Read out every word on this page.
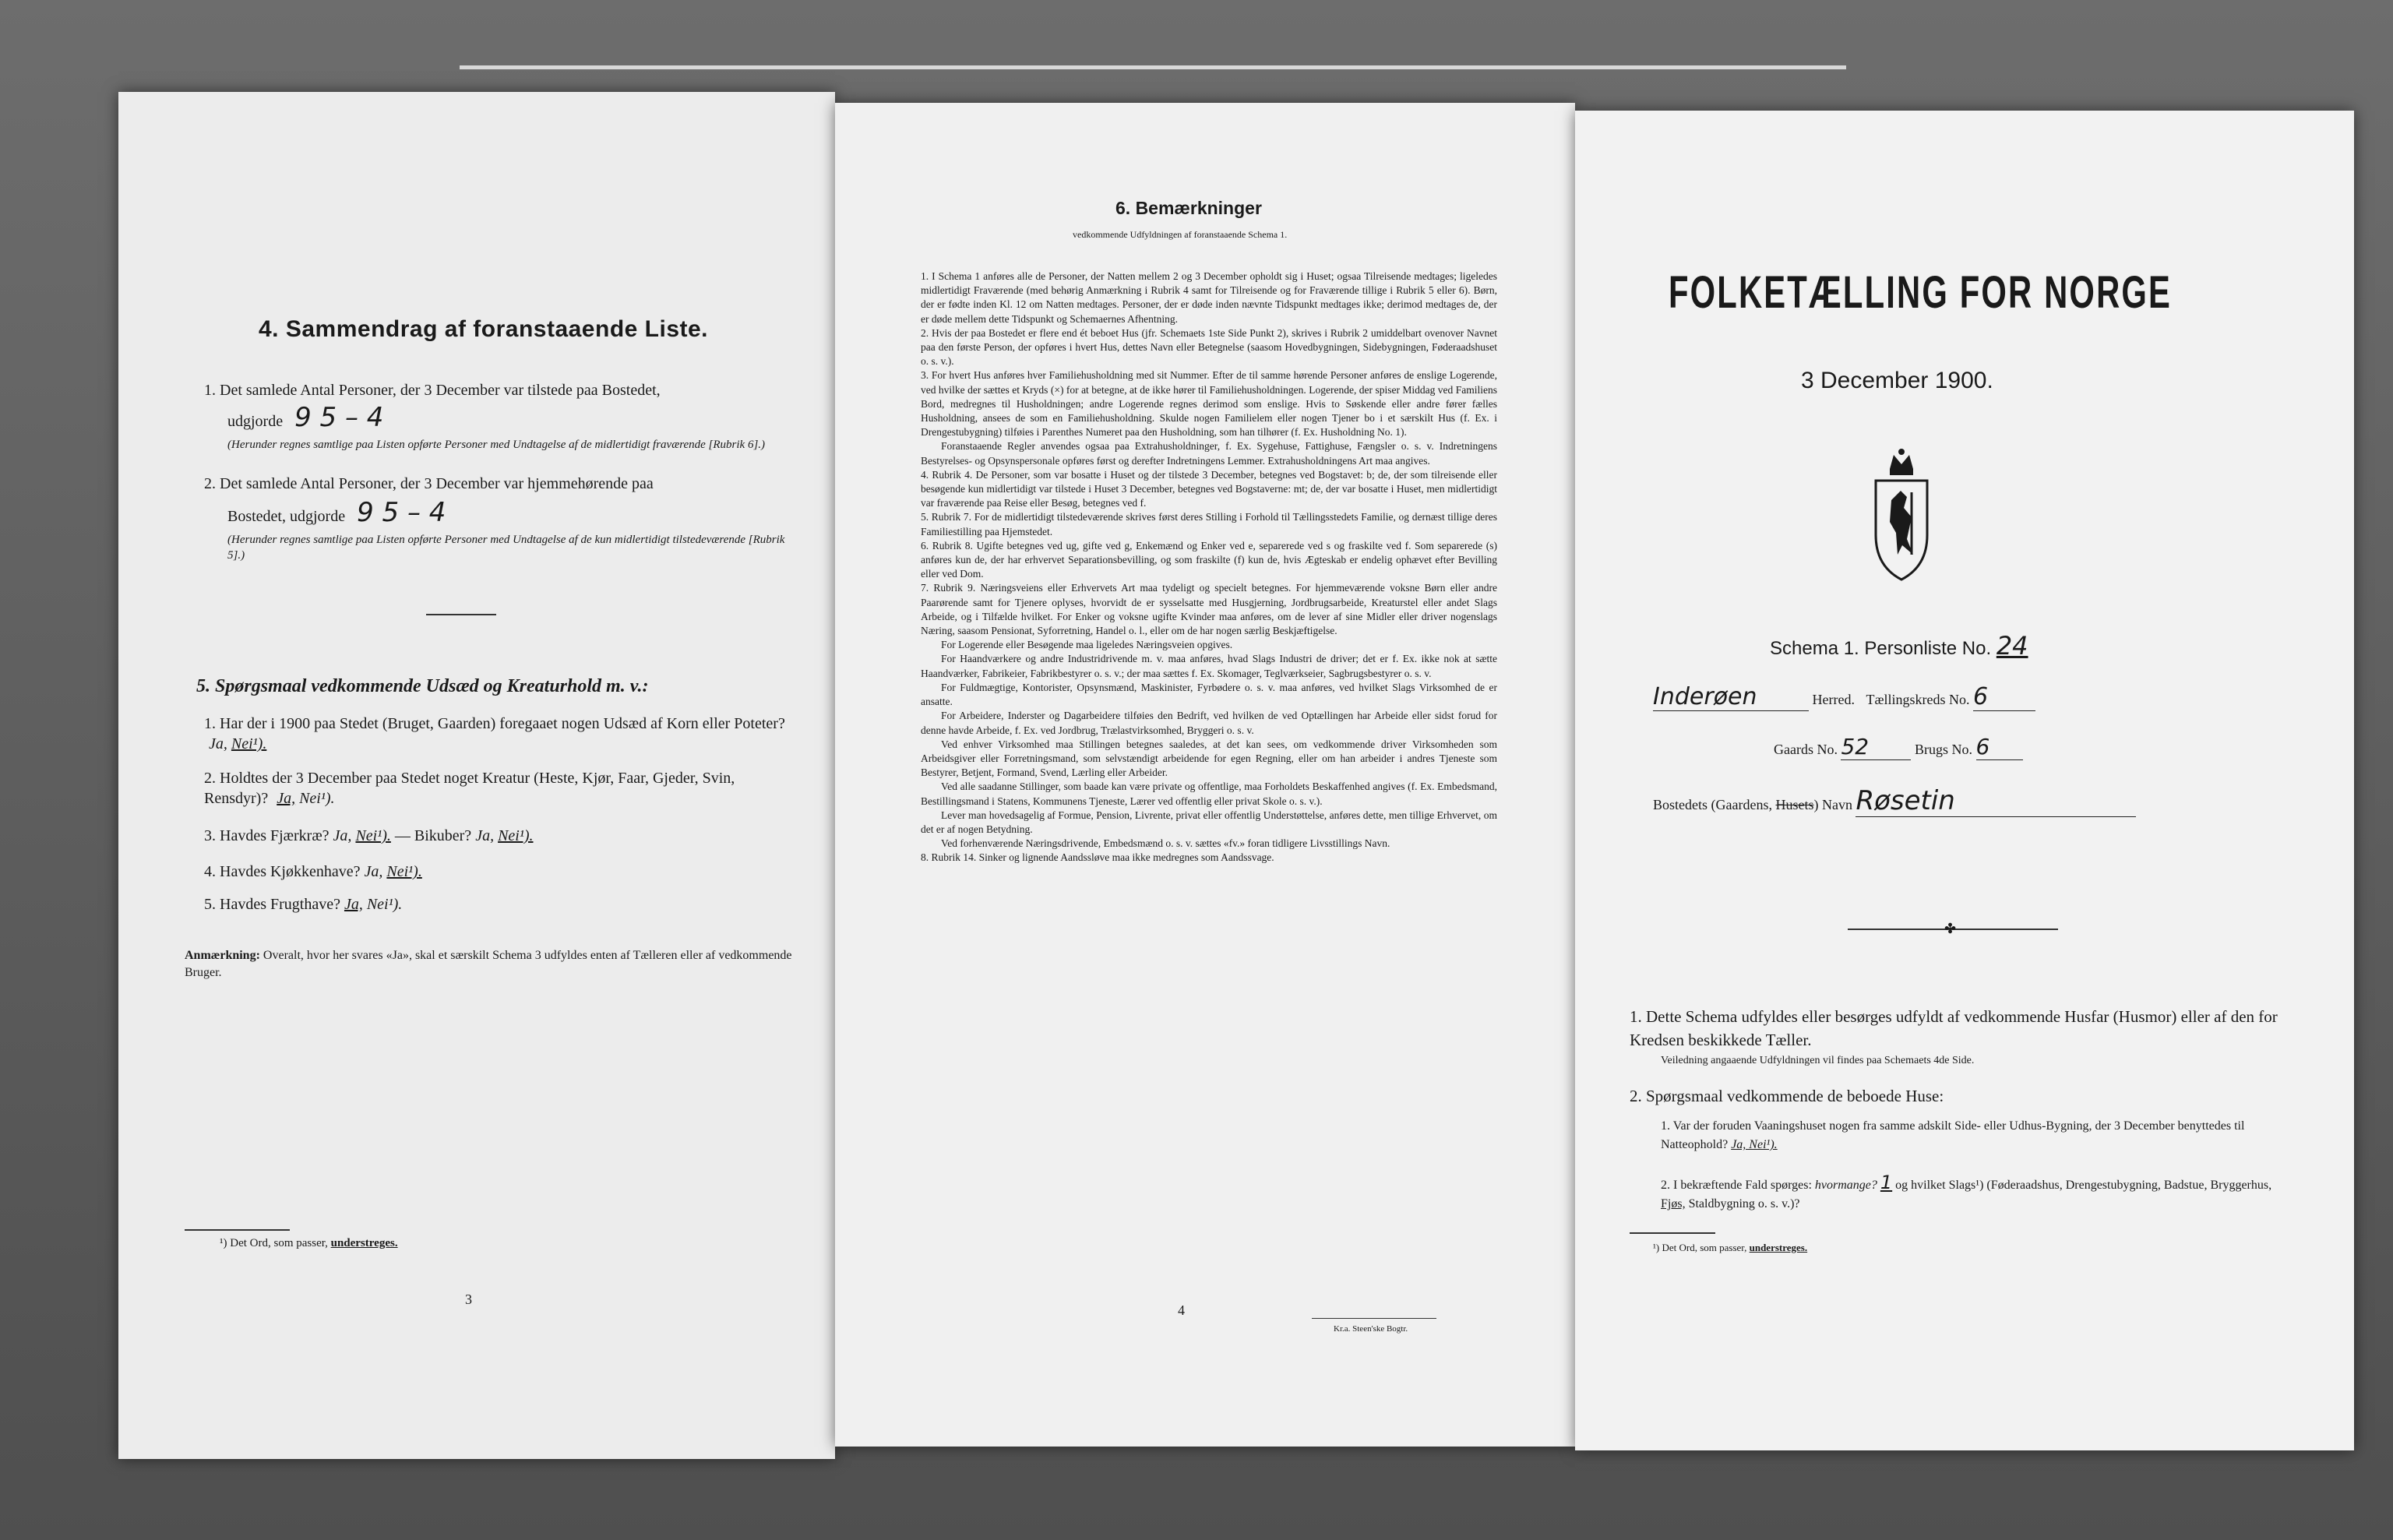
4. Sammendrag af foranstaaende Liste.
1. Det samlede Antal Personer, der 3 December var tilstede paa Bostedet,
udgjorde 9 5 – 4
(Herunder regnes samtlige paa Listen opførte Personer med Undtagelse af de midlertidigt fraværende [Rubrik 6].)
2. Det samlede Antal Personer, der 3 December var hjemmehørende paa
Bostedet, udgjorde 9 5 – 4
(Herunder regnes samtlige paa Listen opførte Personer med Undtagelse af de kun midlertidigt tilstedeværende [Rubrik 5].)
5. Spørgsmaal vedkommende Udsæd og Kreaturhold m. v.:
1. Har der i 1900 paa Stedet (Bruget, Gaarden) foregaaet nogen Udsæd af Korn eller Poteter? Ja, Nei¹).
2. Holdtes der 3 December paa Stedet noget Kreatur (Heste, Kjør, Faar, Gjeder, Svin, Rensdyr)? Ja, Nei¹).
3. Havdes Fjærkræ? Ja, Nei¹). — Bikuber? Ja, Nei¹).
4. Havdes Kjøkkenhave? Ja, Nei¹).
5. Havdes Frugthave? Ja, Nei¹).
Anmærkning: Overalt, hvor her svares «Ja», skal et særskilt Schema 3 udfyldes enten af Tælleren eller af vedkommende Bruger.
¹) Det Ord, som passer, understreges.
3
6. Bemærkninger
vedkommende Udfyldningen af foranstaaende Schema 1.

1. I Schema 1 anføres alle de Personer, der Natten mellem 2 og 3 December opholdt sig i Huset; ogsaa Tilreisende medtages; ligeledes midlertidigt Fraværende (med behørig Anmærkning i Rubrik 4 samt for Tilreisende og for Fraværende tillige i Rubrik 5 eller 6). Børn, der er fødte inden Kl. 12 om Natten medtages. Personer, der er døde inden nævnte Tidspunkt medtages ikke; derimod medtages de, der er døde mellem dette Tidspunkt og Schemaernes Afhentning.

2. Hvis der paa Bostedet er flere end ét beboet Hus (jfr. Schemaets 1ste Side Punkt 2), skrives i Rubrik 2 umiddelbart ovenover Navnet paa den første Person, der opføres i hvert Hus, dettes Navn eller Betegnelse (saasom Hovedbygningen, Sidebygningen, Føderaadshuset o. s. v.).

3. For hvert Hus anføres hver Familiehusholdning med sit Nummer. Efter de til samme hørende Personer anføres de enslige Logerende, ved hvilke der sættes et Kryds (×) for at betegne, at de ikke hører til Familiehusholdningen. Logerende, der spiser Middag ved Familiens Bord, medregnes til Husholdningen; andre Logerende regnes derimod som enslige. Hvis to Søskende eller andre fører fælles Husholdning, ansees de som en Familiehusholdning. Skulde nogen Familielem eller nogen Tjener bo i et særskilt Hus (f. Ex. i Drengestubygning) tilføies i Parenthes Numeret paa den Husholdning, som han tilhører (f. Ex. Husholdning No. 1).

Foranstaaende Regler anvendes ogsaa paa Extrahusholdninger, f. Ex. Sygehuse, Fattighuse, Fængsler o. s. v. Indretningens Bestyrelses- og Opsynspersonale opføres først og derefter Indretningens Lemmer. Extrahusholdningens Art maa angives.

4. Rubrik 4. De Personer, som var bosatte i Huset og der tilstede 3 December, betegnes ved Bogstavet: b; de, der som tilreisende eller besøgende kun midlertidigt var tilstede i Huset 3 December, betegnes ved Bogstaverne: mt; de, der var bosatte i Huset, men midlertidigt var fraværende paa Reise eller Besøg, betegnes ved f.

5. Rubrik 7. For de midlertidigt tilstedeværende skrives først deres Stilling i Forhold til Tællingsstedets Familie, og dernæst tillige deres Familiestilling paa Hjemstedet.

6. Rubrik 8. Ugifte betegnes ved ug, gifte ved g, Enkemænd og Enker ved e, separerede ved s og fraskilte ved f. Som separerede (s) anføres kun de, der har erhvervet Separationsbevilling, og som fraskilte (f) kun de, hvis Ægteskab er endelig ophævet efter Bevilling eller ved Dom.

7. Rubrik 9. Næringsveiens eller Erhvervets Art maa tydeligt og specielt betegnes. For hjemmeværende voksne Børn eller andre Paarørende samt for Tjenere oplyses, hvorvidt de er sysselsatte med Husgjerning, Jordbrugsarbeide, Kreaturstel eller andet Slags Arbeide, og i Tilfælde hvilket. For Enker og voksne ugifte Kvinder maa anføres, om de lever af sine Midler eller driver nogenslags Næring, saasom Pensionat, Syforretning, Handel o. l., eller om de har nogen særlig Beskjæftigelse.

For Logerende eller Besøgende maa ligeledes Næringsveien opgives.

For Haandværkere og andre Industridrivende m. v. maa anføres, hvad Slags Industri de driver; det er f. Ex. ikke nok at sætte Haandværker, Fabrikeier, Fabrikbestyrer o. s. v.; der maa sættes f. Ex. Skomager, Teglværkseier, Sagbrugsbestyrer o. s. v.

For Fuldmægtige, Kontorister, Opsynsmænd, Maskinister, Fyrbødere o. s. v. maa anføres, ved hvilket Slags Virksomhed de er ansatte.

For Arbeidere, Inderster og Dagarbeidere tilføies den Bedrift, ved hvilken de ved Optællingen har Arbeide eller sidst forud for denne havde Arbeide, f. Ex. ved Jordbrug, Trælastvirksomhed, Bryggeri o. s. v.

Ved enhver Virksomhed maa Stillingen betegnes saaledes, at det kan sees, om vedkommende driver Virksomheden som Arbeidsgiver eller Forretningsmand, som selvstændigt arbeidende for egen Regning, eller om han arbeider i andres Tjeneste som Bestyrer, Betjent, Formand, Svend, Lærling eller Arbeider.

Ved alle saadanne Stillinger, som baade kan være private og offentlige, maa Forholdets Beskaffenhed angives (f. Ex. Embedsmand, Bestillingsmand i Statens, Kommunens Tjeneste, Lærer ved offentlig eller privat Skole o. s. v.).

Lever man hovedsagelig af Formue, Pension, Livrente, privat eller offentlig Understøttelse, anføres dette, men tillige Erhvervet, om det er af nogen Betydning.

Ved forhenværende Næringsdrivende, Embedsmænd o. s. v. sættes «fv.» foran tidligere Livsstillings Navn.

8. Rubrik 14. Sinker og lignende Aandssløve maa ikke medregnes som Aandssvage.

4
Kr.a. Steen'ske Bogtr.
FOLKETÆLLING FOR NORGE
3 December 1900.
Schema 1. Personliste No. 24
Inderøen	Herred. Tællingskreds No. 6
Gaards No. 52	Brugs No. 6
Bostedets (Gaardens, Husets) Navn Røsetin
✤
1. Dette Schema udfyldes eller besørges udfyldt af vedkommende Husfar (Husmor) eller af den for Kredsen beskikkede Tæller.
Veiledning angaaende Udfyldningen vil findes paa Schemaets 4de Side.
2. Spørgsmaal vedkommende de beboede Huse:
1. Var der foruden Vaaningshuset nogen fra samme adskilt Side- eller Udhus-Bygning, der 3 December benyttedes til Natteophold? Ja, Nei¹).
2. I bekræftende Fald spørges: hvormange? 1 og hvilket Slags¹) (Føderaadshus, Drengestubygning, Badstue, Bryggerhus, Fjøs, Staldbygning o. s. v.)?
¹) Det Ord, som passer, understreges.
